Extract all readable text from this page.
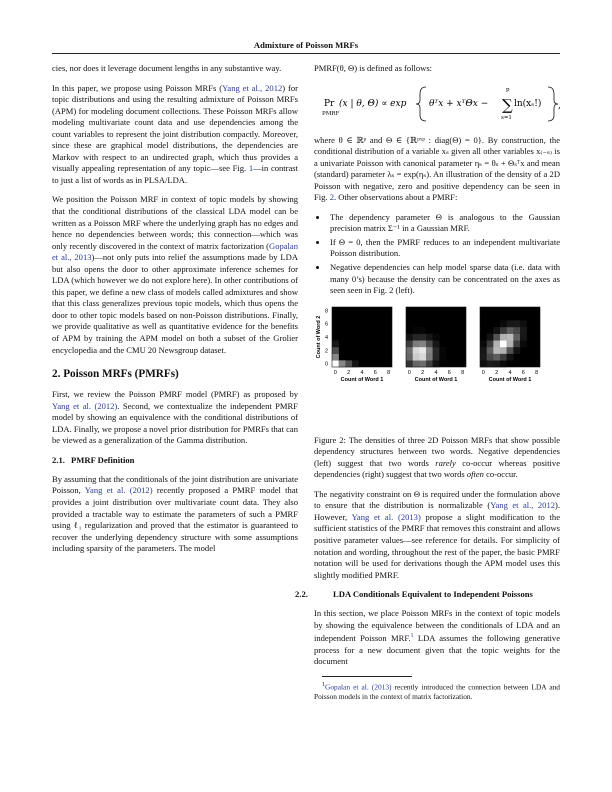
Admixture of Poisson MRFs

cies, nor does it leverage document lengths in any substantive way.

In this paper, we propose using Poisson MRFs (Yang et al., 2012) for topic distributions and using the resulting admixture of Poisson MRFs (APM) for modeling document collections. These Poisson MRFs allow modeling multivariate count data and use dependencies among the count variables to represent the joint distribution compactly. Moreover, since these are graphical model distributions, the dependencies are Markov with respect to an undirected graph, which thus provides a visually appealing representation of any topic—see Fig. 1—in contrast to just a list of words as in PLSA/LDA.

We position the Poisson MRF in context of topic models by showing that the conditional distributions of the classical LDA model can be written as a Poisson MRF where the underlying graph has no edges and hence no dependencies between words; this connection—which was only recently discovered in the context of matrix factorization (Gopalan et al., 2013)—not only puts into relief the assumptions made by LDA but also opens the door to other approximate inference schemes for LDA (which however we do not explore here). In other contributions of this paper, we define a new class of models called admixtures and show that this class generalizes previous topic models, which thus opens the door to other topic models based on non-Poisson distributions. Finally, we provide qualitative as well as quantitative evidence for the benefits of APM by training the APM model on both a subset of the Grolier encyclopedia and the CMU 20 Newsgroup dataset.

2. Poisson MRFs (PMRFs)

First, we review the Poisson PMRF model (PMRF) as proposed by Yang et al. (2012). Second, we contextualize the independent PMRF model by showing an equivalence with the conditional distributions of LDA. Finally, we propose a novel prior distribution for PMRFs that can be viewed as a generalization of the Gamma distribution.

2.1. PMRF Definition

By assuming that the conditionals of the joint distribution are univariate Poisson, Yang et al. (2012) recently proposed a PMRF model that provides a joint distribution over multivariate count data. They also provided a tractable way to estimate the parameters of such a PMRF using ℓ₁ regularization and proved that the estimator is guaranteed to recover the underlying dependency structure with some assumptions including sparsity of the parameters. The model

PMRF(θ, Θ) is defined as follows:

Pr
PMRF
(x | θ, Θ) ∝ exp	θᵀx + xᵀΘx − ∑
p
s=1
ln(xₛ!) ,

where θ ∈ ℝᵖ and Θ ∈ {ℝᵖˣᵖ : diag(Θ) = 0}. By construction, the conditional distribution of a variable xₛ given all other variables x₍₋ₛ₎ is a univariate Poisson with canonical parameter ηₛ = θₛ + Θₛᵀx and mean (standard) parameter λₛ = exp(ηₛ). An illustration of the density of a 2D Poisson with negative, zero and positive dependency can be seen in Fig. 2. Other observations about a PMRF:

• The dependency parameter Θ is analogous to the Gaussian precision matrix Σ⁻¹ in a Gaussian MRF.
• If Θ = 0, then the PMRF reduces to an independent multivariate Poisson distribution.
• Negative dependencies can help model sparse data (i.e. data with many 0’s) because the density can be concentrated on the axes as seen seen in Fig. 2 (left).
0 2 4 6 8
Count of Word 1
0 2 4 6 8
Count of Word 1
0 2 4 6 8
Count of Word 1
0
2
4
6
8
Count of Word 2
Figure 2: The densities of three 2D Poisson MRFs that show possible dependency structures between two words. Negative dependencies (left) suggest that two words rarely co-occur whereas positive dependencies (right) suggest that two words often co-occur.

The negativity constraint on Θ is required under the formulation above to ensure that the distribution is normalizable (Yang et al., 2012). However, Yang et al. (2013) propose a slight modification to the sufficient statistics of the PMRF that removes this constraint and allows positive parameter values—see reference for details. For simplicity of notation and wording, throughout the rest of the paper, the basic PMRF notation will be used for derivations though the APM model uses this slightly modified PMRF.

2.2.	LDA Conditionals Equivalent to Independent Poissons

In this section, we place Poisson MRFs in the context of topic models by showing the equivalence between the conditionals of LDA and an independent Poisson MRF.$^1$ LDA assumes the following generative process for a new document given that the topic weights for the document

$^1$Gopalan et al. (2013) recently introduced the connection between LDA and Poisson models in the context of matrix factorization.
